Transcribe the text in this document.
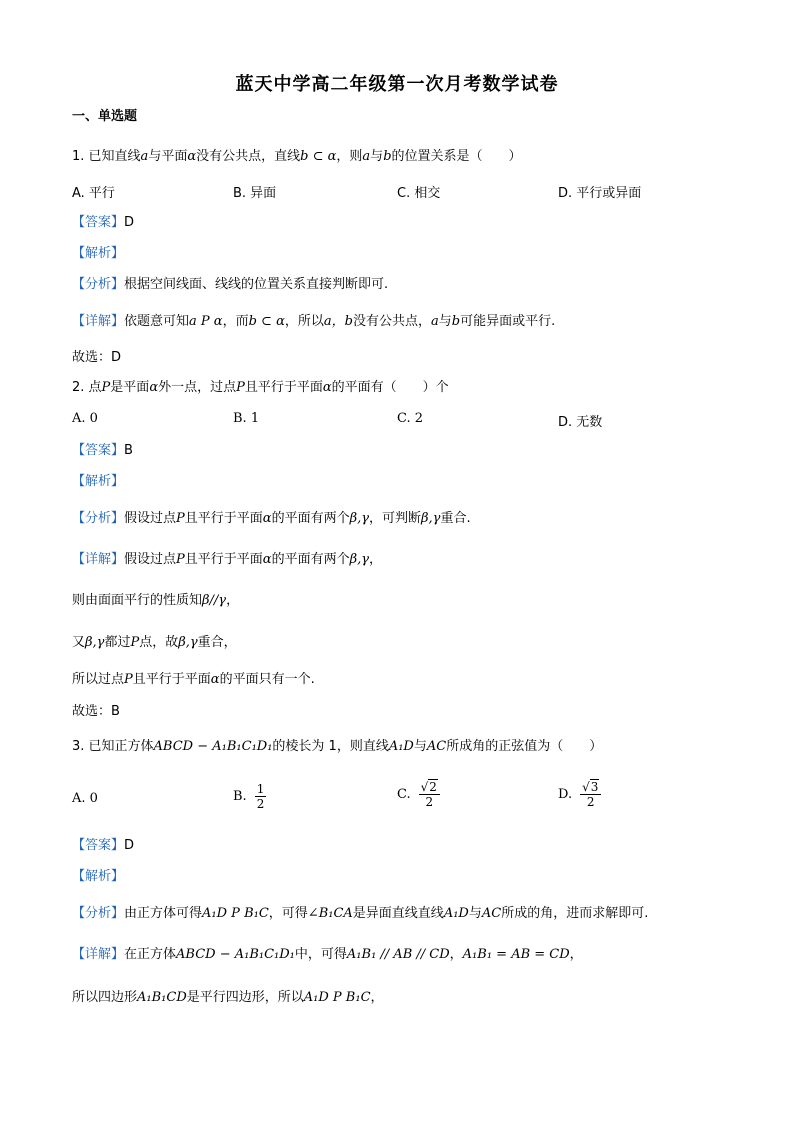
蓝天中学高二年级第一次月考数学试卷
一、单选题
1. 已知直线a与平面α没有公共点，直线b ⊂ α，则a与b的位置关系是（　　）
A. 平行	B. 异面	C. 相交	D. 平行或异面
【答案】D
【解析】
【分析】根据空间线面、线线的位置关系直接判断即可.
【详解】依题意可知a P α，而b ⊂ α，所以a，b没有公共点，a与b可能异面或平行.
故选：D
2. 点P是平面α外一点，过点P且平行于平面α的平面有（　　）个
A. 0	B. 1	C. 2	D. 无数
【答案】B
【解析】
【分析】假设过点P且平行于平面α的平面有两个β,γ，可判断β,γ重合.
【详解】假设过点P且平行于平面α的平面有两个β,γ，
则由面面平行的性质知β//γ，
又β,γ都过P点，故β,γ重合，
所以过点P且平行于平面α的平面只有一个.
故选：B
3. 已知正方体ABCD − A₁B₁C₁D₁的棱长为 1，则直线A₁D与AC所成角的正弦值为（　　）
A. 0	B. $\frac{1}{2}$	C. $\frac{√2}{2}$	D. $\frac{√3}{2}$
【答案】D
【解析】
【分析】由正方体可得A₁D P B₁C，可得∠B₁CA是异面直线直线A₁D与AC所成的角，进而求解即可.
【详解】在正方体ABCD − A₁B₁C₁D₁中，可得A₁B₁ // AB // CD，A₁B₁ = AB = CD，
所以四边形A₁B₁CD是平行四边形，所以A₁D P B₁C，
